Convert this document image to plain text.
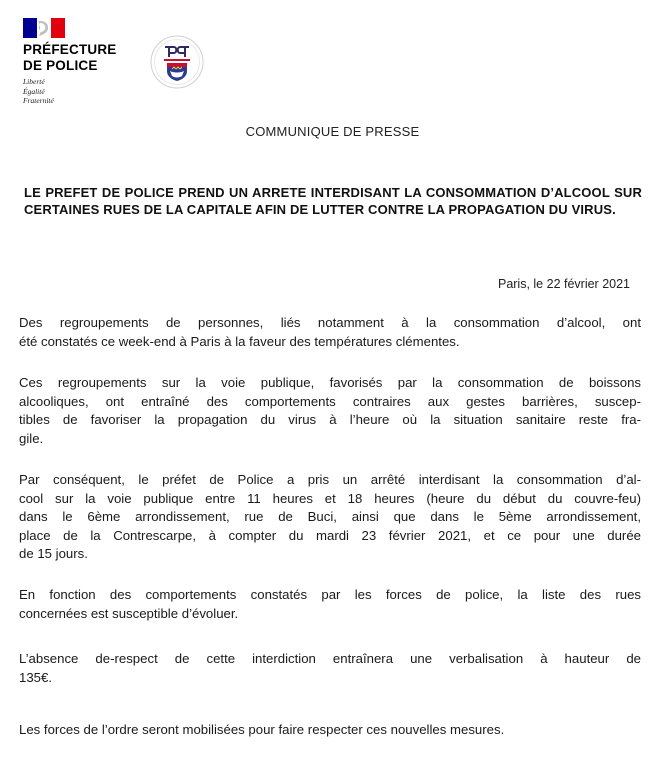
PRÉFECTURE
DE POLICE
Liberté
Égalité
Fraternité
COMMUNIQUE DE PRESSE
LE PREFET DE POLICE PREND UN ARRETE INTERDISANT LA CONSOMMATION D’ALCOOL SUR CERTAINES RUES DE LA CAPITALE AFIN DE LUTTER CONTRE LA PROPAGATION DU VIRUS.
Paris, le 22 février 2021
Des regroupements de personnes, liés notamment à la consommation d’alcool, ont
été constatés ce week-end à Paris à la faveur des températures clémentes.
Ces regroupements sur la voie publique, favorisés par la consommation de boissons
alcooliques, ont entraîné des comportements contraires aux gestes barrières, suscep-
tibles de favoriser la propagation du virus à l’heure où la situation sanitaire reste fra-
gile.
Par conséquent, le préfet de Police a pris un arrêté interdisant la consommation d’al-
cool sur la voie publique entre 11 heures et 18 heures (heure du début du couvre-feu)
dans le 6ème arrondissement, rue de Buci, ainsi que dans le 5ème arrondissement,
place de la Contrescarpe, à compter du mardi 23 février 2021, et ce pour une durée
de 15 jours.
En fonction des comportements constatés par les forces de police, la liste des rues
concernées est susceptible d’évoluer.
L’absence de-respect de cette interdiction entraînera une verbalisation à hauteur de
135€.
Les forces de l’ordre seront mobilisées pour faire respecter ces nouvelles mesures.
